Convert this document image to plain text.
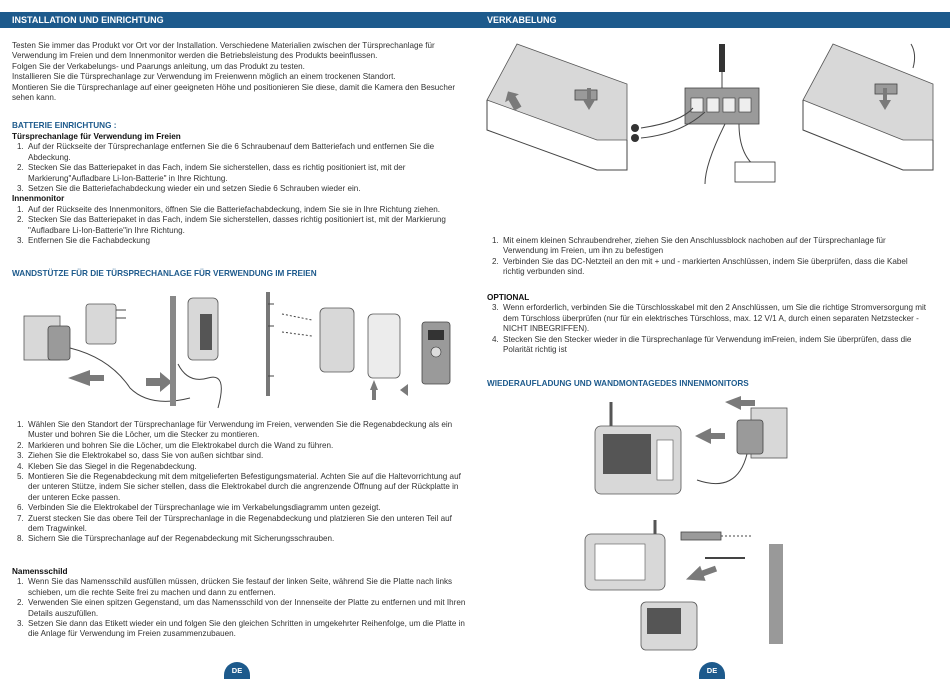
INSTALLATION UND EINRICHTUNG

Testen Sie immer das Produkt vor Ort vor der Installation. Verschiedene Materialien zwischen der Türsprechanlage für Verwendung im Freien und dem Innenmonitor werden die Betriebsleistung des Produkts beeinflussen.

Folgen Sie der Verkabelungs- und Paarungs anleitung, um das Produkt zu testen.

Installieren Sie die Türsprechanlage zur Verwendung im Freienwenn möglich an einem trockenen Standort.

Montieren Sie die Türsprechanlage auf einer geeigneten Höhe und positionieren Sie diese, damit die Kamera den Besucher sehen kann.

BATTERIE EINRICHTUNG :
Türsprechanlage für Verwendung im Freien
1. Auf der Rückseite der Türsprechanlage entfernen Sie die 6 Schraubenauf dem Batteriefach und entfernen Sie die Abdeckung.
2. Stecken Sie das Batteriepaket in das Fach, indem Sie sicherstellen, dass es richtig positioniert ist, mit der Markierung"Aufladbare Li-Ion-Batterie" in Ihre Richtung.
3. Setzen Sie die Batteriefachabdeckung wieder ein und setzen Siedie 6 Schrauben wieder ein.
Innenmonitor
1. Auf der Rückseite des Innenmonitors, öffnen Sie die Batteriefachabdeckung, indem Sie sie in Ihre Richtung ziehen.
2. Stecken Sie das Batteriepaket in das Fach, indem Sie sicherstellen, dasses richtig positioniert ist, mit der Markierung "Aufladbare Li-Ion-Batterie"in Ihre Richtung.
3. Entfernen Sie die Fachabdeckung
WANDSTÜTZE FÜR DIE TÜRSPRECHANLAGE FÜR VERWENDUNG IM FREIEN
1. Wählen Sie den Standort der Türsprechanlage für Verwendung im Freien, verwenden Sie die Regenabdeckung als ein Muster und bohren Sie die Löcher, um die Stecker zu montieren.
2. Markieren und bohren Sie die Löcher, um die Elektrokabel durch die Wand zu führen.
3. Ziehen Sie die Elektrokabel so, dass Sie von außen sichtbar sind.
4. Kleben Sie das Siegel in die Regenabdeckung.
5. Montieren Sie die Regenabdeckung mit dem mitgelieferten Befestigungsmaterial. Achten Sie auf die Haltevorrichtung auf der unteren Stütze, indem Sie sicher stellen, dass die Elektrokabel durch die angrenzende Öffnung auf der Rückplatte in der unteren Ecke passen.
6. Verbinden Sie die Elektrokabel der Türsprechanlage wie im Verkabelungsdiagramm unten gezeigt.
7. Zuerst stecken Sie das obere Teil der Türsprechanlage in die Regenabdeckung und platzieren Sie den unteren Teil auf dem Tragwinkel.
8. Sichern Sie die Türsprechanlage auf der Regenabdeckung mit Sicherungsschrauben.
Namensschild
1. Wenn Sie das Namensschild ausfüllen müssen, drücken Sie festauf der linken Seite, während Sie die Platte nach links schieben, um die rechte Seite frei zu machen und dann zu entfernen.
2. Verwenden Sie einen spitzen Gegenstand, um das Namensschild von der Innenseite der Platte zu entfernen und mit Ihren Details auszufüllen.
3. Setzen Sie dann das Etikett wieder ein und folgen Sie den gleichen Schritten in umgekehrter Reihenfolge, um die Platte in die Anlage für Verwendung im Freien zusammenzubauen.
DE
VERKABELUNG
1. Mit einem kleinen Schraubendreher, ziehen Sie den Anschlussblock nachoben auf der Türsprechanlage für Verwendung im Freien, um ihn zu befestigen
2. Verbinden Sie das DC-Netzteil an den mit + und - markierten Anschlüssen, indem Sie überprüfen, dass die Kabel richtig verbunden sind.
OPTIONAL
3. Wenn erforderlich, verbinden Sie die Türschlosskabel mit den 2 Anschlüssen, um Sie die richtige Stromversorgung mit dem Türschloss überprüfen (nur für ein elektrisches Türschloss, max. 12 V/1 A, durch einen separaten Netzstecker - NICHT INBEGRIFFEN).
4. Stecken Sie den Stecker wieder in die Türsprechanlage für Verwendung imFreien, indem Sie überprüfen, dass die Polarität richtig ist
WIEDERAUFLADUNG UND WANDMONTAGEDES INNENMONITORS
DE
